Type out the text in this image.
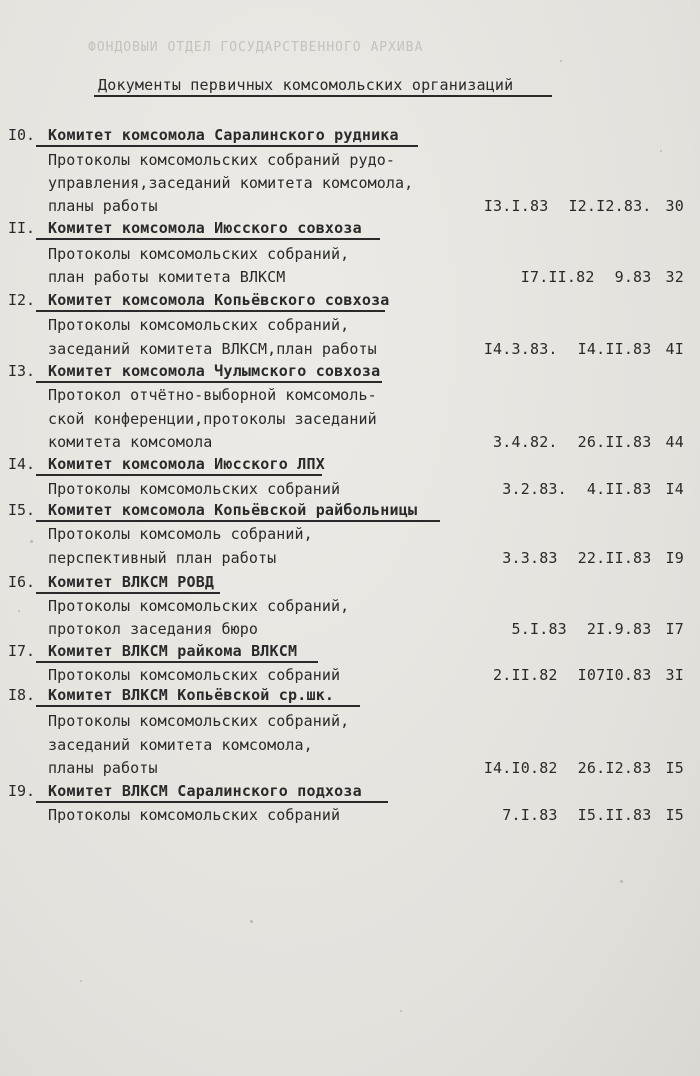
ФОНДОВЫЙ ОТДЕЛ ГОСУДАРСТВЕННОГО АРХИВА
Документы первичных комсомольских организаций
I0. Комитет комсомола Саралинского рудника
Протоколы комсомольских собраний рудо-
управления,заседаний комитета комсомола,
планы работы	I3.I.83 I2.I2.83. 30
II. Комитет комсомола Июсского совхоза
Протоколы комсомольских собраний,
план работы комитета ВЛКСМ	I7.II.82 9.83 32
I2. Комитет комсомола Копьёвского совхоза
Протоколы комсомольских собраний,
заседаний комитета ВЛКСМ,план работы	I4.3.83. I4.II.83 4I
I3. Комитет комсомола Чулымского совхоза
Протокол отчётно-выборной комсомоль-
ской конференции,протоколы заседаний
комитета комсомола	3.4.82. 26.II.83 44
I4. Комитет комсомола Июсского ЛПХ
Протоколы комсомольских собраний	3.2.83. 4.II.83 I4
I5. Комитет комсомола Копьёвской райбольницы
Протоколы комсомоль собраний,
перспективный план работы	3.3.83 22.II.83 I9
I6. Комитет ВЛКСМ РОВД
Протоколы комсомольских собраний,
протокол заседания бюро	5.I.83 2I.9.83 I7
I7. Комитет ВЛКСМ райкома ВЛКСМ
Протоколы комсомольских собраний	2.II.82 I07I0.83 3I
I8. Комитет ВЛКСМ Копьёвской ср.шк.
Протоколы комсомольских собраний,
заседаний комитета комсомола,
планы работы	I4.I0.82 26.I2.83 I5
I9. Комитет ВЛКСМ Саралинского подхоза
Протоколы комсомольских собраний	7.I.83 I5.II.83 I5
